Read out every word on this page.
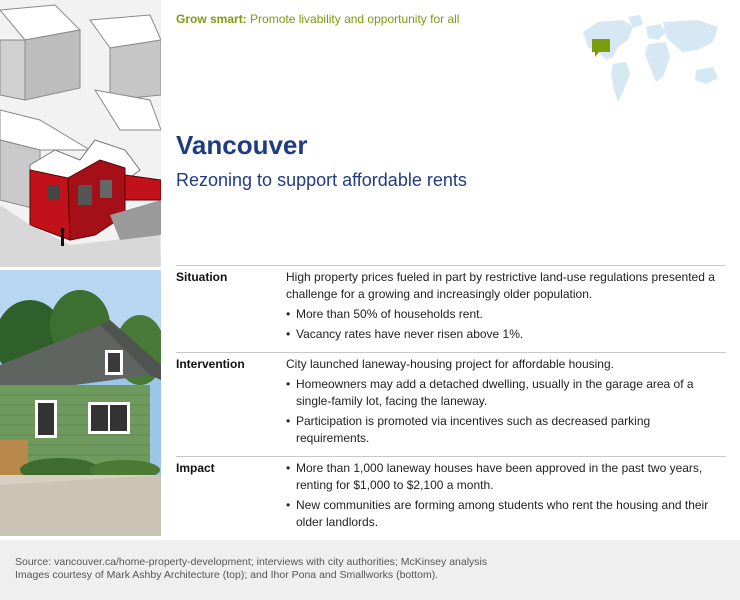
Grow smart: Promote livability and opportunity for all
Vancouver
Rezoning to support affordable rents
Situation	High property prices fueled in part by restrictive land-use regulations presented a challenge for a growing and increasingly older population.

• More than 50% of households rent.
• Vacancy rates have never risen above 1%.
Intervention	City launched laneway-housing project for affordable housing.

• Homeowners may add a detached dwelling, usually in the garage area of a single-family lot, facing the laneway.
• Participation is promoted via incentives such as decreased parking requirements.
Impact
•	More than 1,000 laneway houses have been approved in the past two years, renting for $1,000 to $2,100 a month.
• New communities are forming among students who rent the housing and their older landlords.
Source: vancouver.ca/home-property-development; interviews with city authorities; McKinsey analysis
Images courtesy of Mark Ashby Architecture (top); and Ihor Pona and Smallworks (bottom).
